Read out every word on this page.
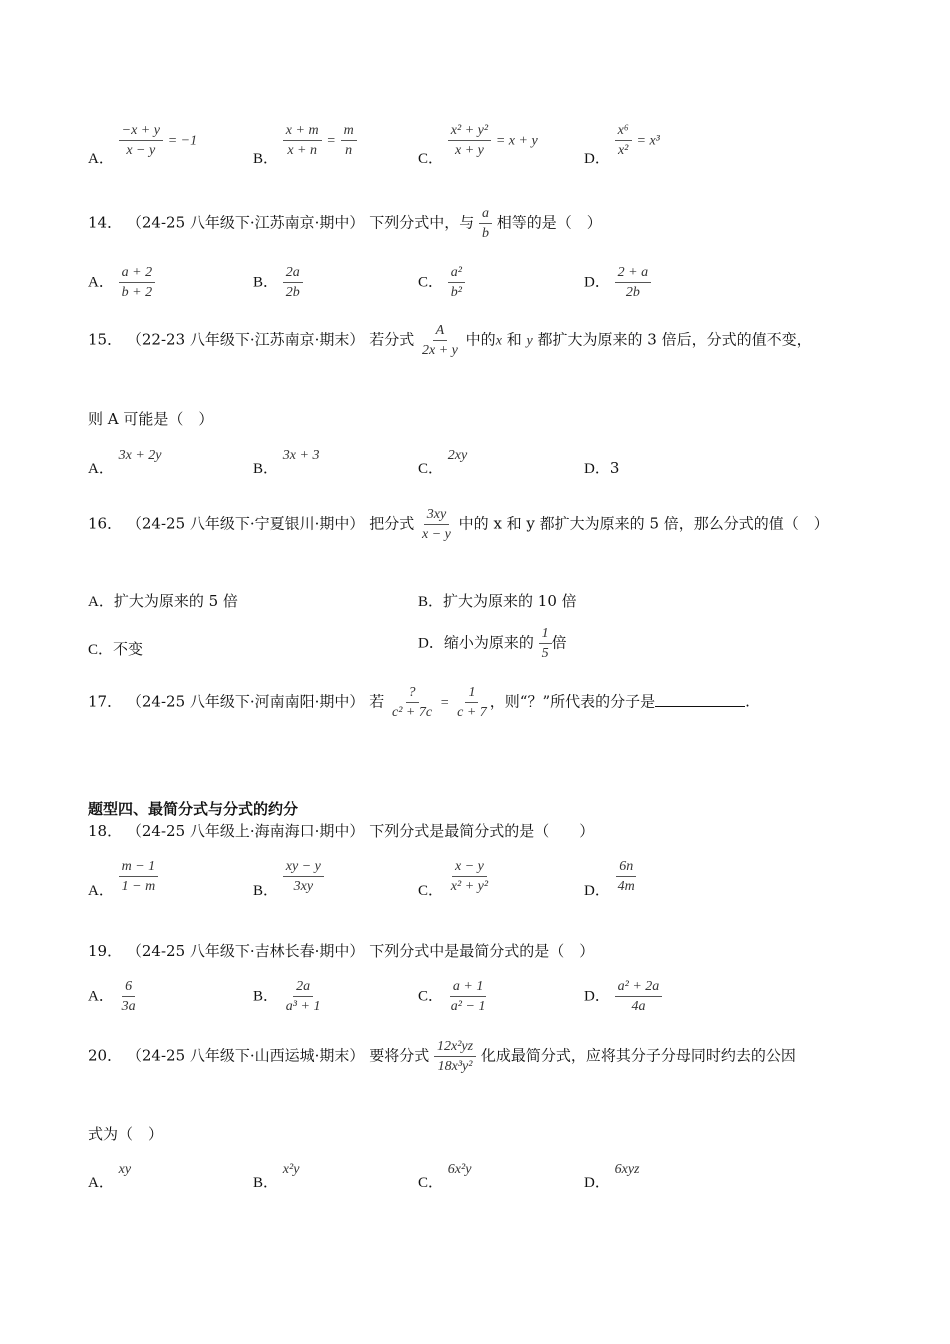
A． $\frac{-x + y}{x - y} = -1$
B． $\frac{x + m}{x + n} = \frac{m}{n}$	C． $\frac{\text{x² + y²}}{x + y} = x + y$
D． $\frac{\text{x⁶}}{\text{x²}} = x^3$
14． （24-25 八年级下·江苏南京·期中） 下列分式中，与 $\frac{a}{b}$ 相等的是（　）
A． $\frac{a + 2}{b + 2}$	B． $\frac{2a}{2b}$	C． $\frac{\text{a²}}{\text{b²}}$	D． $\frac{2 + a}{2b}$
15． （22-23 八年级下·江苏南京·期末） 若分式 $\frac{A}{2x + y}$ 中的x 和 y 都扩大为原来的 3 倍后，分式的值不变，
则 A 可能是（　）
A． 3x + 2y
B． 3x + 3
C． 2xy
D．3
16． （24-25 八年级下·宁夏银川·期中） 把分式 $\frac{3xy}{x - y}$ 中的 x 和 y 都扩大为原来的 5 倍，那么分式的值（　）
A．扩大为原来的 5 倍	B．扩大为原来的 10 倍
C．不变	D．缩小为原来的 $\frac{1}{5}$ 倍
17． （24-25 八年级下·河南南阳·期中） 若 $\frac{?}{\text{c² + 7c}} = \frac{1}{c + 7}$ ，则“？”所代表的分子是	.
题型四、最简分式与分式的约分
18． （24-25 八年级上·海南海口·期中） 下列分式是最简分式的是（　　）
A． $\frac{m - 1}{1 - m}$	B． $\frac{xy - y}{3xy}$	C． $\frac{x - y}{\text{x² + y²}}$	D． $\frac{6n}{4m}$
19． （24-25 八年级下·吉林长春·期中） 下列分式中是最简分式的是（　）
A． $\frac{6}{3a}$	B． $\frac{2a}{\text{a³ + 1}}$	C． $\frac{a + 1}{\text{a² − 1}}$	D． $\frac{\text{a² + 2a}}{4a}$
20． （24-25 八年级下·山西运城·期末） 要将分式 $\frac{\text{12x²yz}}{\text{18x³y²}}$ 化成最简分式，应将其分子分母同时约去的公因
式为（　）
A． xy
B． x²y
C． 6x²y
D． 6xyz
